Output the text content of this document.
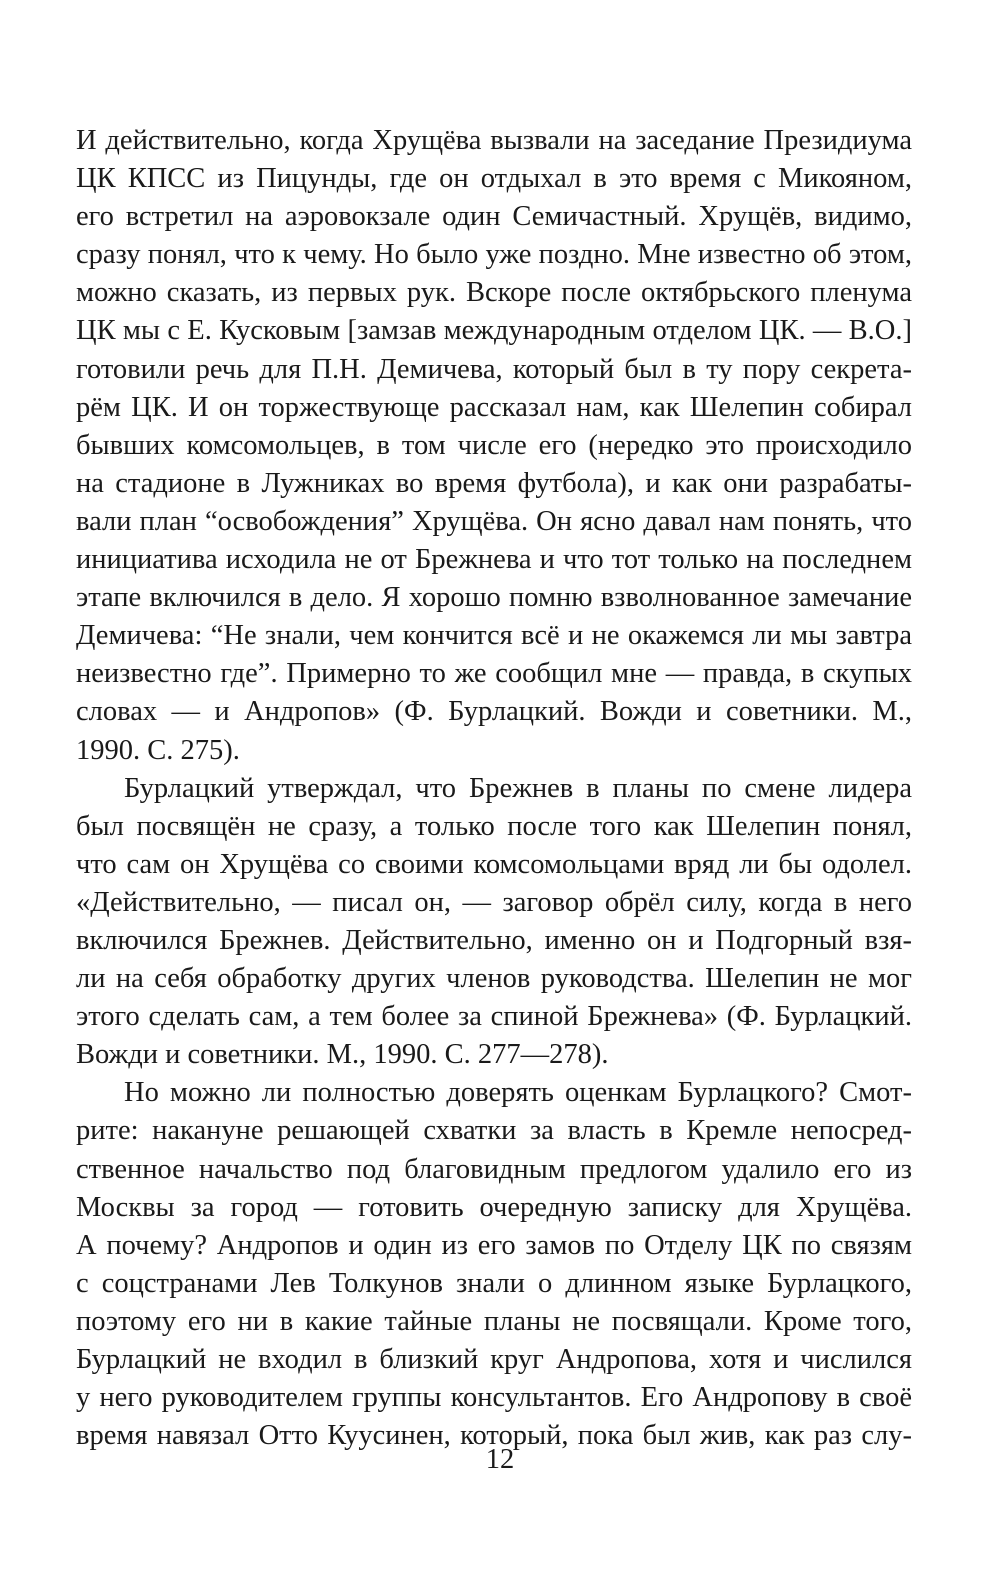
И действительно, когда Хрущёва вызвали на заседание Президиума
ЦК КПСС из Пицунды, где он отдыхал в это время с Микояном,
его встретил на аэровокзале один Семичастный. Хрущёв, видимо,
сразу понял, что к чему. Но было уже поздно. Мне известно об этом,
можно сказать, из первых рук. Вскоре после октябрьского пленума
ЦК мы с Е. Кусковым [замзав международным отделом ЦК. — В.О.]
готовили речь для П.Н. Демичева, который был в ту пору секрета-
рём ЦК. И он торжествующе рассказал нам, как Шелепин собирал
бывших комсомольцев, в том числе его (нередко это происходило
на стадионе в Лужниках во время футбола), и как они разрабаты-
вали план “освобождения” Хрущёва. Он ясно давал нам понять, что
инициатива исходила не от Брежнева и что тот только на последнем
этапе включился в дело. Я хорошо помню взволнованное замечание
Демичева: “Не знали, чем кончится всё и не окажемся ли мы завтра
неизвестно где”. Примерно то же сообщил мне — правда, в скупых
словах — и Андропов» (Ф. Бурлацкий. Вожди и советники. М.,
1990. С. 275).
Бурлацкий утверждал, что Брежнев в планы по смене лидера
был посвящён не сразу, а только после того как Шелепин понял,
что сам он Хрущёва со своими комсомольцами вряд ли бы одолел.
«Действительно, — писал он, — заговор обрёл силу, когда в него
включился Брежнев. Действительно, именно он и Подгорный взя-
ли на себя обработку других членов руководства. Шелепин не мог
этого сделать сам, а тем более за спиной Брежнева» (Ф. Бурлацкий.
Вожди и советники. М., 1990. С. 277—278).
Но можно ли полностью доверять оценкам Бурлацкого? Смот-
рите: накануне решающей схватки за власть в Кремле непосред-
ственное начальство под благовидным предлогом удалило его из
Москвы за город — готовить очередную записку для Хрущёва.
А почему? Андропов и один из его замов по Отделу ЦК по связям
с соцстранами Лев Толкунов знали о длинном языке Бурлацкого,
поэтому его ни в какие тайные планы не посвящали. Кроме того,
Бурлацкий не входил в близкий круг Андропова, хотя и числился
у него руководителем группы консультантов. Его Андропову в своё
время навязал Отто Куусинен, который, пока был жив, как раз слу-
12
